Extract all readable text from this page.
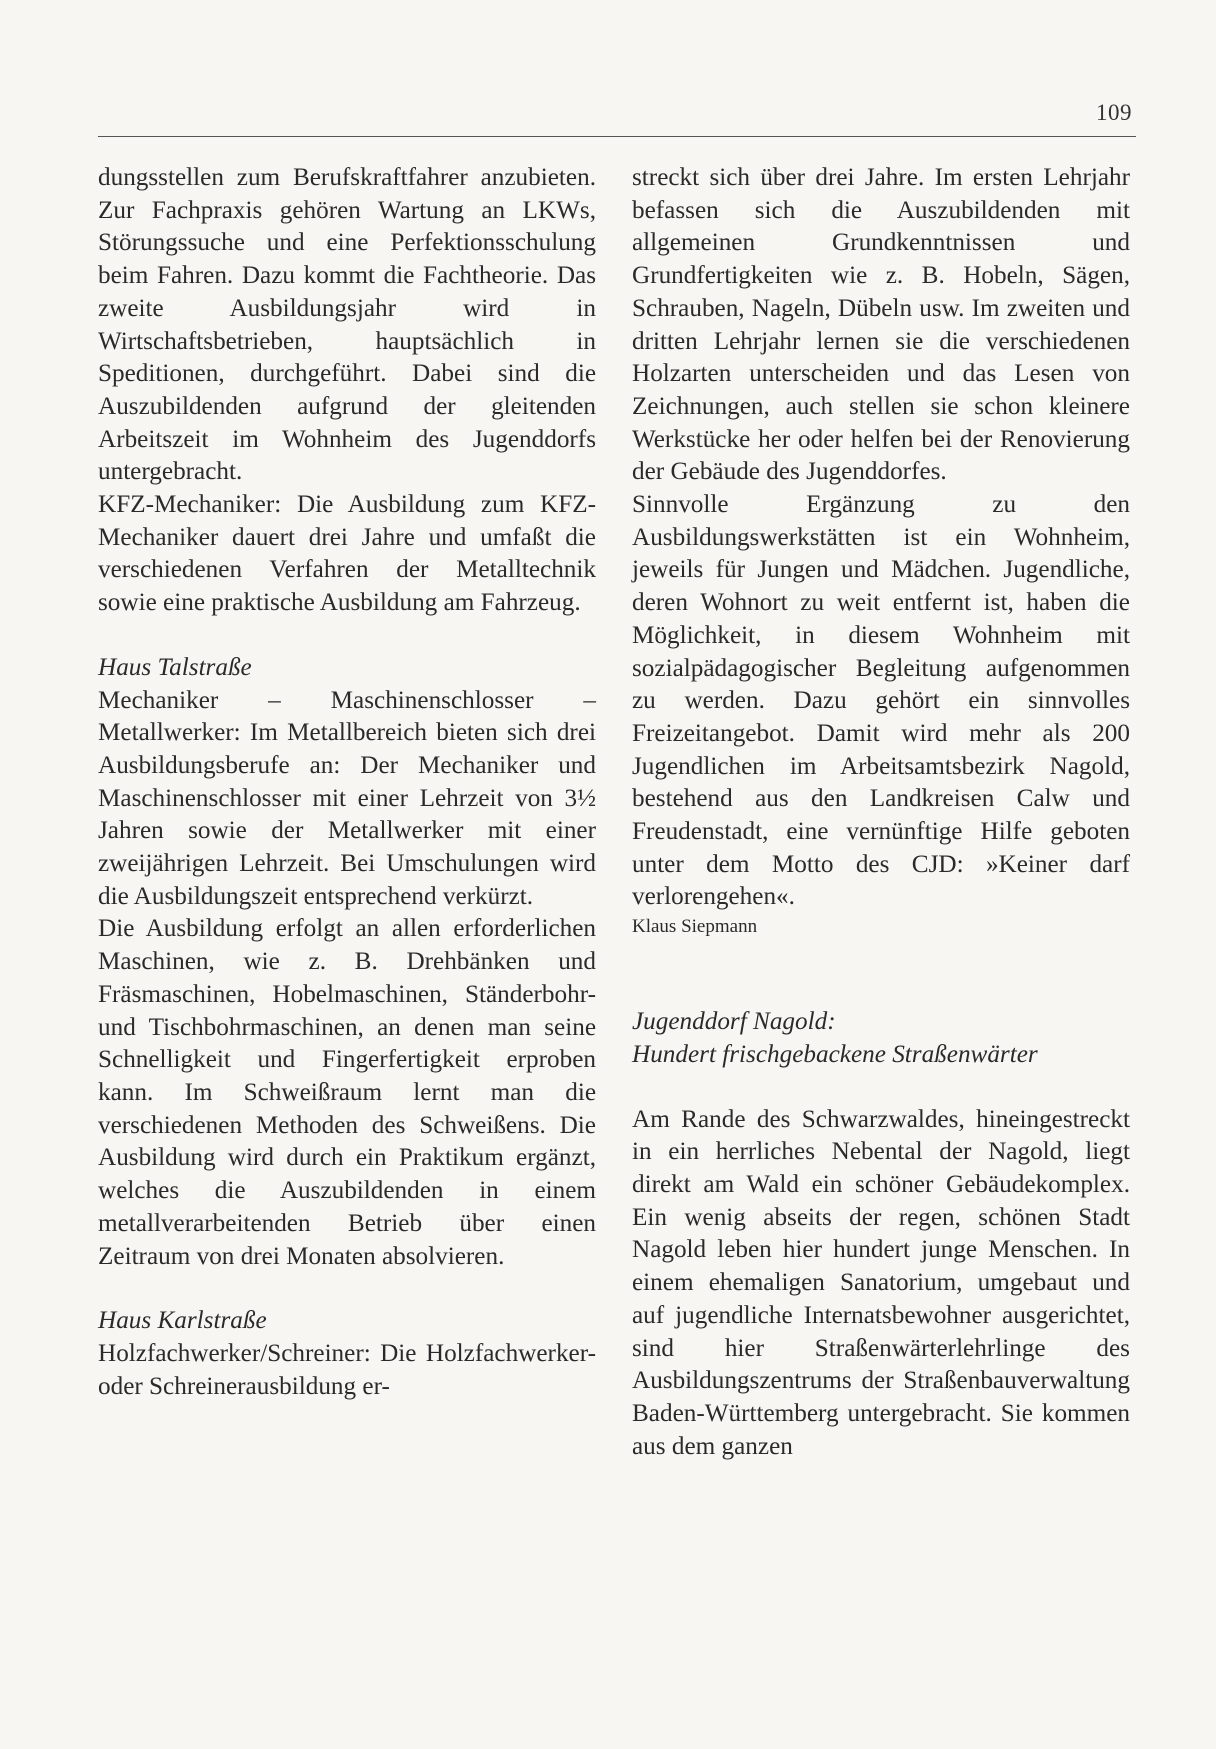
109

dungsstellen zum Berufskraftfahrer anzubieten. Zur Fachpraxis gehören Wartung an LKWs, Störungssuche und eine Perfektionsschulung beim Fahren. Dazu kommt die Fachtheorie. Das zweite Ausbildungsjahr wird in Wirtschaftsbetrieben, hauptsächlich in Speditionen, durchgeführt. Dabei sind die Auszubildenden aufgrund der gleitenden Arbeitszeit im Wohnheim des Jugenddorfs untergebracht.

KFZ-Mechaniker: Die Ausbildung zum KFZ-Mechaniker dauert drei Jahre und umfaßt die verschiedenen Verfahren der Metalltechnik sowie eine praktische Ausbildung am Fahrzeug.

Haus Talstraße

Mechaniker – Maschinenschlosser – Metallwerker: Im Metallbereich bieten sich drei Ausbildungsberufe an: Der Mechaniker und Maschinenschlosser mit einer Lehrzeit von 3½ Jahren sowie der Metallwerker mit einer zweijährigen Lehrzeit. Bei Umschulungen wird die Ausbildungszeit entsprechend verkürzt.

Die Ausbildung erfolgt an allen erforderlichen Maschinen, wie z. B. Drehbänken und Fräsmaschinen, Hobelmaschinen, Ständerbohr- und Tischbohrmaschinen, an denen man seine Schnelligkeit und Fingerfertigkeit erproben kann. Im Schweißraum lernt man die verschiedenen Methoden des Schweißens. Die Ausbildung wird durch ein Praktikum ergänzt, welches die Auszubildenden in einem metallverarbeitenden Betrieb über einen Zeitraum von drei Monaten absolvieren.

Haus Karlstraße

Holzfachwerker/Schreiner: Die Holzfachwerker- oder Schreinerausbildung er-

streckt sich über drei Jahre. Im ersten Lehrjahr befassen sich die Auszubildenden mit allgemeinen Grundkenntnissen und Grundfertigkeiten wie z. B. Hobeln, Sägen, Schrauben, Nageln, Dübeln usw. Im zweiten und dritten Lehrjahr lernen sie die verschiedenen Holzarten unterscheiden und das Lesen von Zeichnungen, auch stellen sie schon kleinere Werkstücke her oder helfen bei der Renovierung der Gebäude des Jugenddorfes.

Sinnvolle Ergänzung zu den Ausbildungswerkstätten ist ein Wohnheim, jeweils für Jungen und Mädchen. Jugendliche, deren Wohnort zu weit entfernt ist, haben die Möglichkeit, in diesem Wohnheim mit sozialpädagogischer Begleitung aufgenommen zu werden. Dazu gehört ein sinnvolles Freizeitangebot. Damit wird mehr als 200 Jugendlichen im Arbeitsamtsbezirk Nagold, bestehend aus den Landkreisen Calw und Freudenstadt, eine vernünftige Hilfe geboten unter dem Motto des CJD: »Keiner darf verlorengehen«.

Klaus Siepmann

Jugenddorf Nagold:

Hundert frischgebackene Straßenwärter

Am Rande des Schwarzwaldes, hineingestreckt in ein herrliches Nebental der Nagold, liegt direkt am Wald ein schöner Gebäudekomplex. Ein wenig abseits der regen, schönen Stadt Nagold leben hier hundert junge Menschen. In einem ehemaligen Sanatorium, umgebaut und auf jugendliche Internatsbewohner ausgerichtet, sind hier Straßenwärterlehrlinge des Ausbildungszentrums der Straßenbauverwaltung Baden-Württemberg untergebracht. Sie kommen aus dem ganzen
